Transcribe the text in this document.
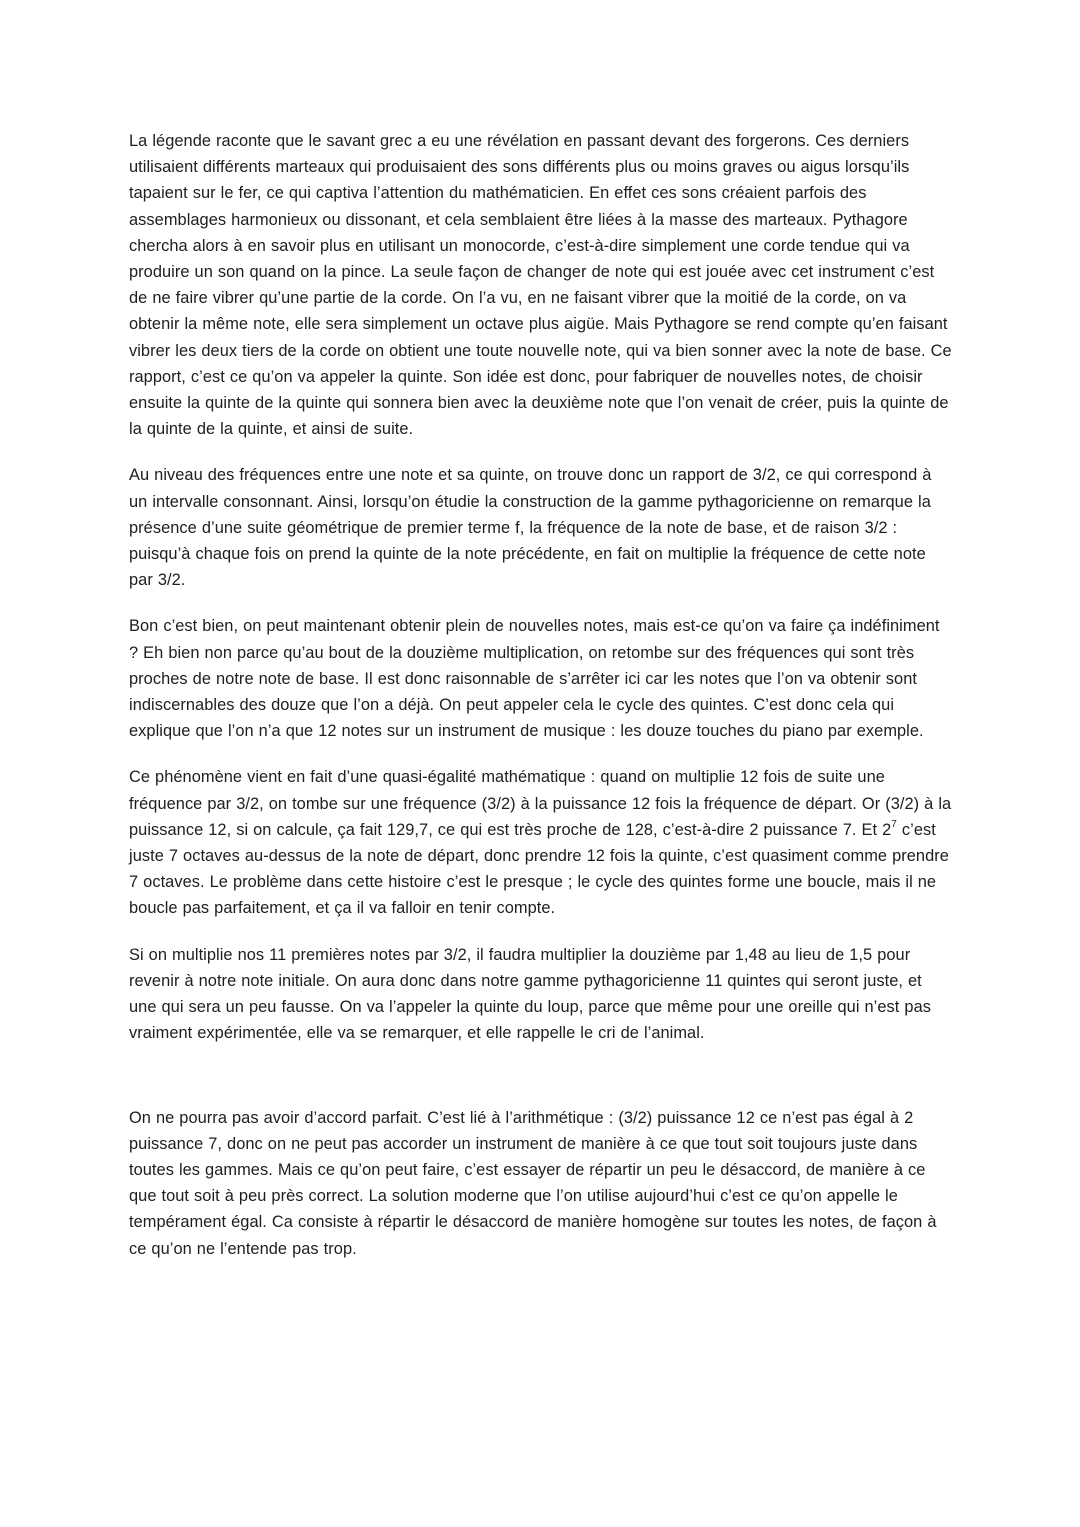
La légende raconte que le savant grec a eu une révélation en passant devant des forgerons. Ces derniers utilisaient différents marteaux qui produisaient des sons différents plus ou moins graves ou aigus lorsqu’ils tapaient sur le fer, ce qui captiva l’attention du mathématicien. En effet ces sons créaient parfois des assemblages harmonieux ou dissonant, et cela semblaient être liées à la masse des marteaux. Pythagore chercha alors à en savoir plus en utilisant un monocorde, c’est-à-dire simplement une corde tendue qui va produire un son quand on la pince. La seule façon de changer de note qui est jouée avec cet instrument c’est de ne faire vibrer qu’une partie de la corde. On l’a vu, en ne faisant vibrer que la moitié de la corde, on va obtenir la même note, elle sera simplement un octave plus aigüe. Mais Pythagore se rend compte qu’en faisant vibrer les deux tiers de la corde on obtient une toute nouvelle note, qui va bien sonner avec la note de base. Ce rapport, c’est ce qu’on va appeler la quinte. Son idée est donc, pour fabriquer de nouvelles notes, de choisir ensuite la quinte de la quinte qui sonnera bien avec la deuxième note que l’on venait de créer, puis la quinte de la quinte de la quinte, et ainsi de suite.

Au niveau des fréquences entre une note et sa quinte, on trouve donc un rapport de 3/2, ce qui correspond à un intervalle consonnant. Ainsi, lorsqu’on étudie la construction de la gamme pythagoricienne on remarque la présence d’une suite géométrique de premier terme f, la fréquence de la note de base, et de raison 3/2 : puisqu’à chaque fois on prend la quinte de la note précédente, en fait on multiplie la fréquence de cette note par 3/2.

Bon c’est bien, on peut maintenant obtenir plein de nouvelles notes, mais est-ce qu’on va faire ça indéfiniment ? Eh bien non parce qu’au bout de la douzième multiplication, on retombe sur des fréquences qui sont très proches de notre note de base. Il est donc raisonnable de s’arrêter ici car les notes que l’on va obtenir sont indiscernables des douze que l’on a déjà. On peut appeler cela le cycle des quintes. C’est donc cela qui explique que l’on n’a que 12 notes sur un instrument de musique : les douze touches du piano par exemple.

Ce phénomène vient en fait d’une quasi-égalité mathématique : quand on multiplie 12 fois de suite une fréquence par 3/2, on tombe sur une fréquence (3/2) à la puissance 12 fois la fréquence de départ. Or (3/2) à la puissance 12, si on calcule, ça fait 129,7, ce qui est très proche de 128, c’est-à-dire 2 puissance 7. Et $2^7$ c’est juste 7 octaves au-dessus de la note de départ, donc prendre 12 fois la quinte, c’est quasiment comme prendre 7 octaves. Le problème dans cette histoire c’est le presque ; le cycle des quintes forme une boucle, mais il ne boucle pas parfaitement, et ça il va falloir en tenir compte.

Si on multiplie nos 11 premières notes par 3/2, il faudra multiplier la douzième par 1,48 au lieu de 1,5 pour revenir à notre note initiale. On aura donc dans notre gamme pythagoricienne 11 quintes qui seront juste, et une qui sera un peu fausse. On va l’appeler la quinte du loup, parce que même pour une oreille qui n’est pas vraiment expérimentée, elle va se remarquer, et elle rappelle le cri de l’animal.

On ne pourra pas avoir d’accord parfait. C’est lié à l’arithmétique : (3/2) puissance 12 ce n’est pas égal à 2 puissance 7, donc on ne peut pas accorder un instrument de manière à ce que tout soit toujours juste dans toutes les gammes. Mais ce qu’on peut faire, c’est essayer de répartir un peu le désaccord, de manière à ce que tout soit à peu près correct. La solution moderne que l’on utilise aujourd’hui c’est ce qu’on appelle le tempérament égal. Ca consiste à répartir le désaccord de manière homogène sur toutes les notes, de façon à ce qu’on ne l’entende pas trop.
